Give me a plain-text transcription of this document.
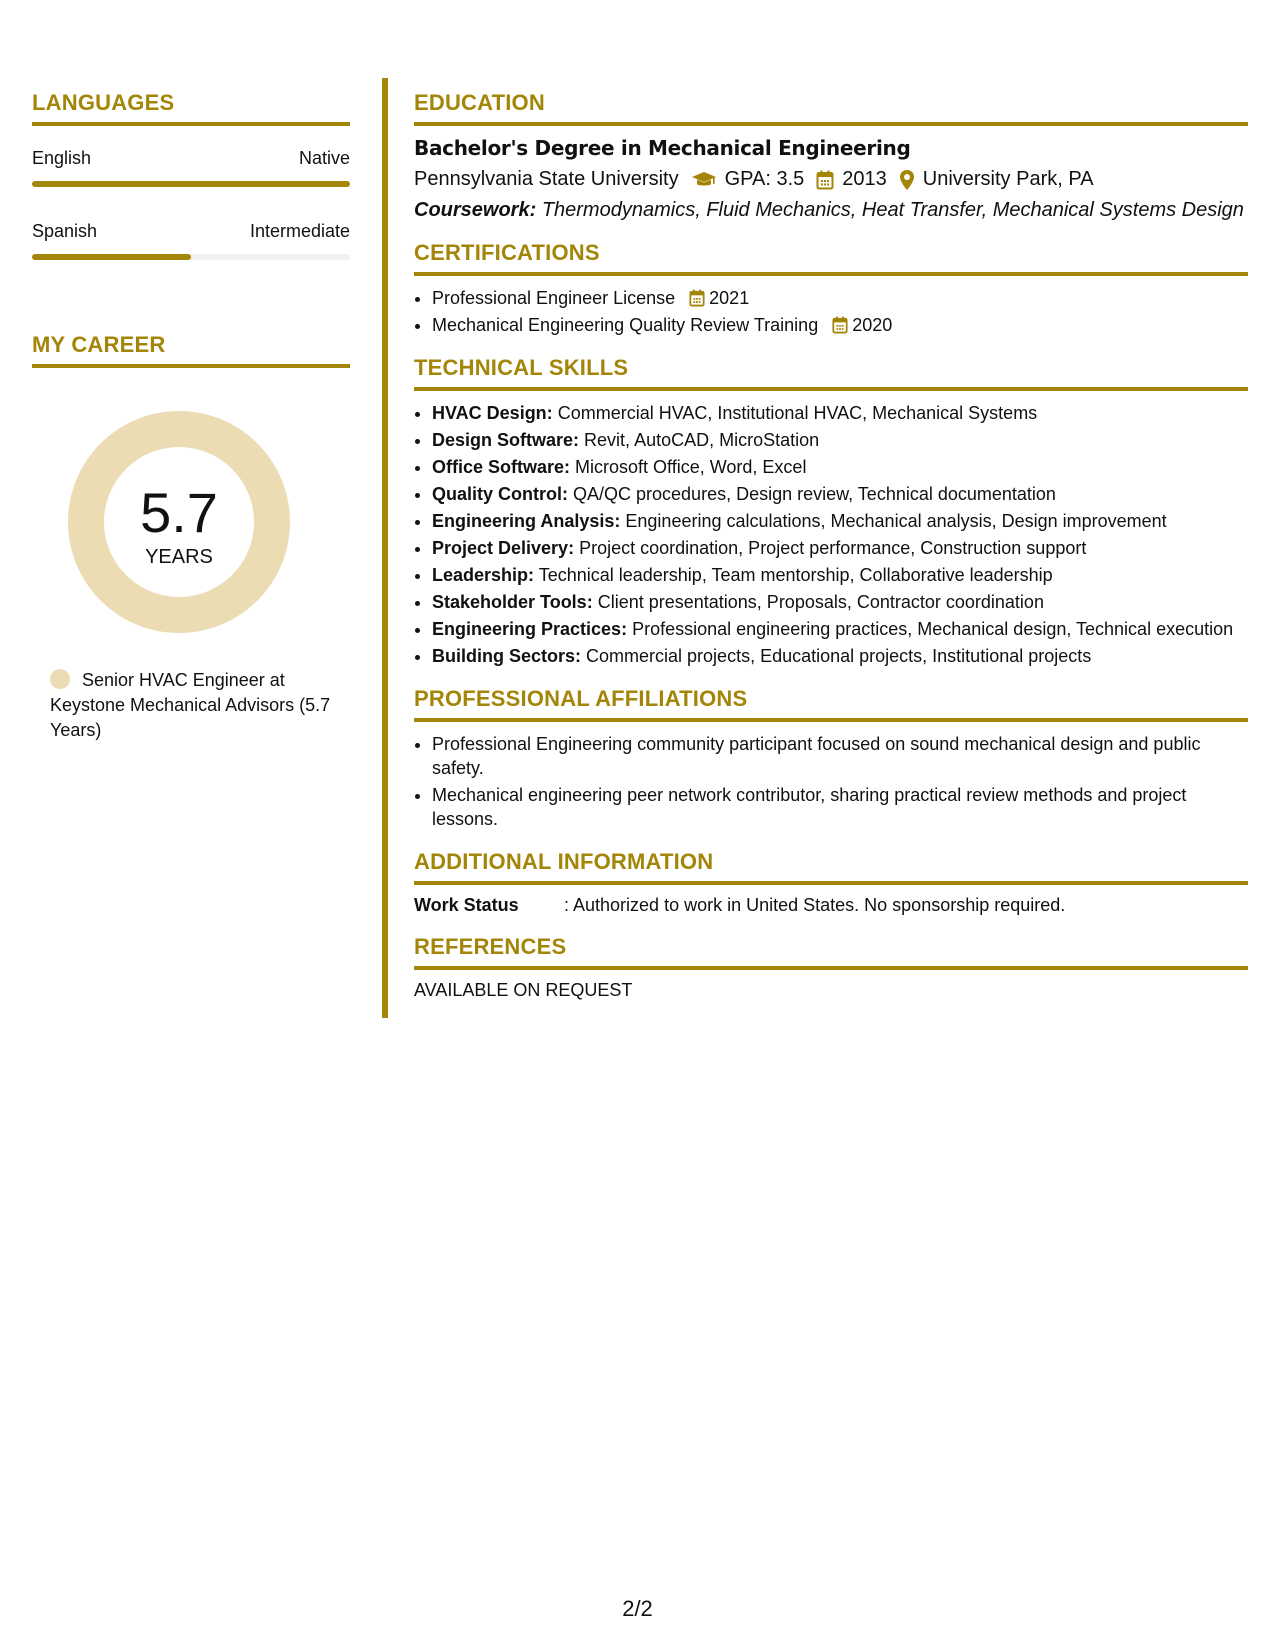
LANGUAGES
English	Native
Spanish	Intermediate
MY CAREER
5.7
YEARS
Senior HVAC Engineer at Keystone Mechanical Advisors (5.7 Years)
EDUCATION
Bachelor's Degree in Mechanical Engineering
Pennsylvania State University GPA: 3.5 2013 University Park, PA
Coursework: Thermodynamics, Fluid Mechanics, Heat Transfer, Mechanical Systems Design
CERTIFICATIONS
• Professional Engineer License 2021
• Mechanical Engineering Quality Review Training 2020
TECHNICAL SKILLS
• HVAC Design: Commercial HVAC, Institutional HVAC, Mechanical Systems
• Design Software: Revit, AutoCAD, MicroStation
• Office Software: Microsoft Office, Word, Excel
• Quality Control: QA/QC procedures, Design review, Technical documentation
• Engineering Analysis: Engineering calculations, Mechanical analysis, Design improvement
• Project Delivery: Project coordination, Project performance, Construction support
• Leadership: Technical leadership, Team mentorship, Collaborative leadership
• Stakeholder Tools: Client presentations, Proposals, Contractor coordination
• Engineering Practices: Professional engineering practices, Mechanical design, Technical execution
• Building Sectors: Commercial projects, Educational projects, Institutional projects
PROFESSIONAL AFFILIATIONS
• Professional Engineering community participant focused on sound mechanical design and public safety.
• Mechanical engineering peer network contributor, sharing practical review methods and project lessons.
ADDITIONAL INFORMATION
Work Status	: Authorized to work in United States. No sponsorship required.
REFERENCES
AVAILABLE ON REQUEST
2/2
